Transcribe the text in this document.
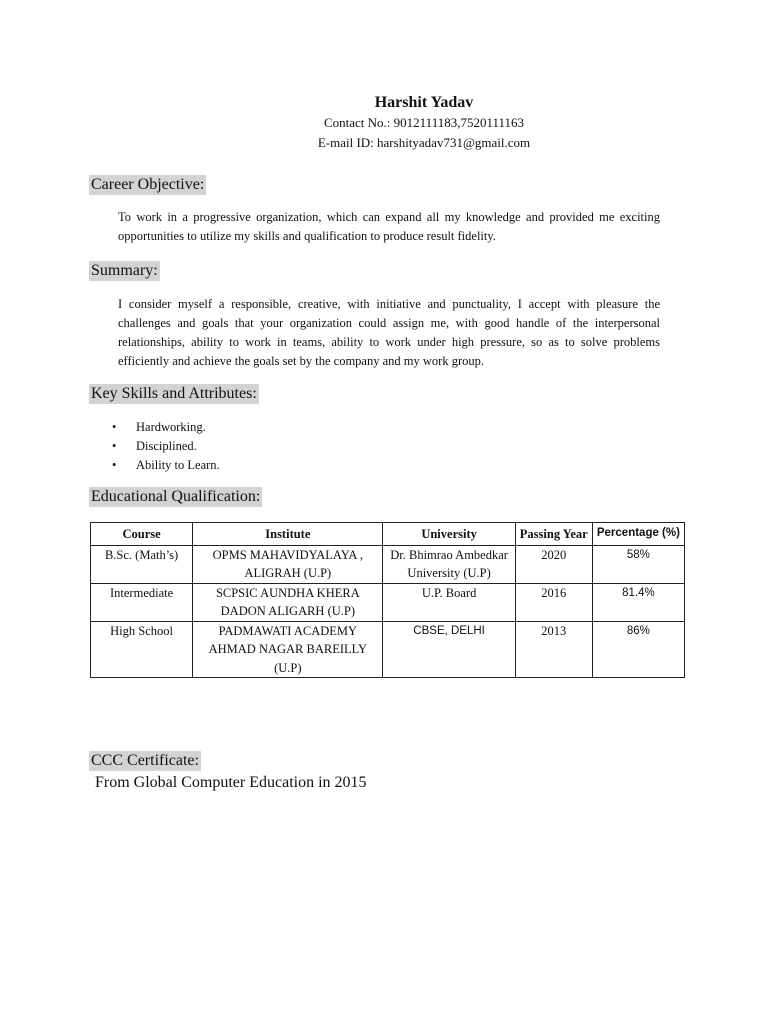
Harshit Yadav
Contact No.: 9012111183,7520111163
E-mail ID: harshityadav731@gmail.com
Career Objective:
To work in a progressive organization, which can expand all my knowledge and provided me exciting opportunities to utilize my skills and qualification to produce result fidelity.
Summary:
I consider myself a responsible, creative, with initiative and punctuality, I accept with pleasure the challenges and goals that your organization could assign me, with good handle of the interpersonal relationships, ability to work in teams, ability to work under high pressure, so as to solve problems efficiently and achieve the goals set by the company and my work group.
Key Skills and Attributes:
• Hardworking.
• Disciplined.
• Ability to Learn.
Educational Qualification:
Course	Institute	University	Passing Year	Percentage (%)
B.Sc. (Math’s)	OPMS MAHAVIDYALAYA , ALIGRAH (U.P)	Dr. Bhimrao Ambedkar University (U.P)	2020	58%
Intermediate	SCPSIC AUNDHA KHERA DADON ALIGARH (U.P)	U.P. Board	2016	81.4%
High School	PADMAWATI ACADEMY AHMAD NAGAR BAREILLY (U.P)	CBSE, DELHI	2013	86%
CCC Certificate:
From Global Computer Education in 2015
